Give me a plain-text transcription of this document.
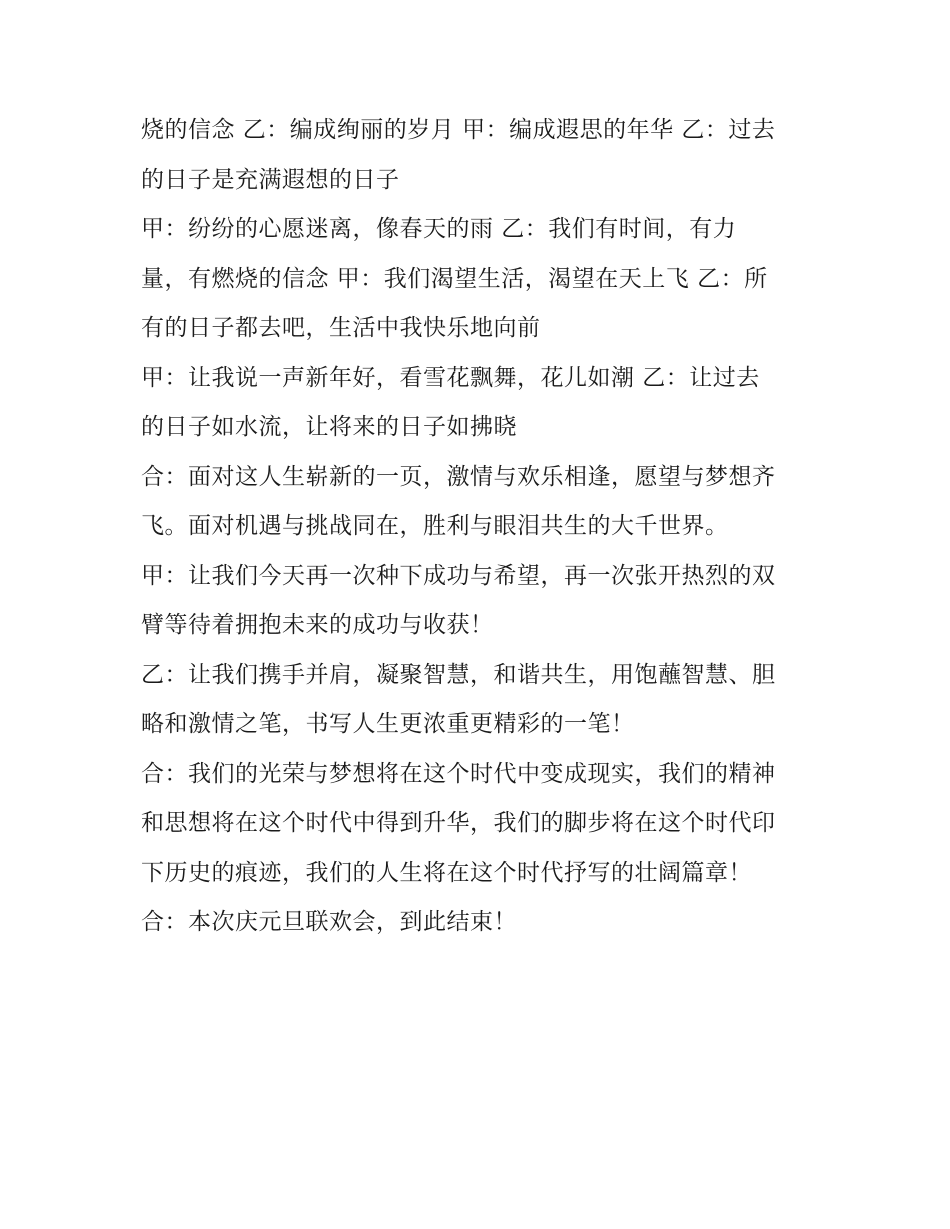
烧的信念 乙：编成绚丽的岁月 甲：编成遐思的年华 乙：过去
的日子是充满遐想的日子
甲：纷纷的心愿迷离，像春天的雨 乙：我们有时间，有力
量，有燃烧的信念 甲：我们渴望生活，渴望在天上飞 乙：所
有的日子都去吧，生活中我快乐地向前
甲：让我说一声新年好，看雪花飘舞，花儿如潮 乙：让过去
的日子如水流，让将来的日子如拂晓
合：面对这人生崭新的一页，激情与欢乐相逢，愿望与梦想齐
飞。面对机遇与挑战同在，胜利与眼泪共生的大千世界。
甲：让我们今天再一次种下成功与希望，再一次张开热烈的双
臂等待着拥抱未来的成功与收获！
乙：让我们携手并肩，凝聚智慧，和谐共生，用饱蘸智慧、胆
略和激情之笔，书写人生更浓重更精彩的一笔！
合：我们的光荣与梦想将在这个时代中变成现实，我们的精神
和思想将在这个时代中得到升华，我们的脚步将在这个时代印
下历史的痕迹，我们的人生将在这个时代抒写的壮阔篇章！
合：本次庆元旦联欢会，到此结束！
